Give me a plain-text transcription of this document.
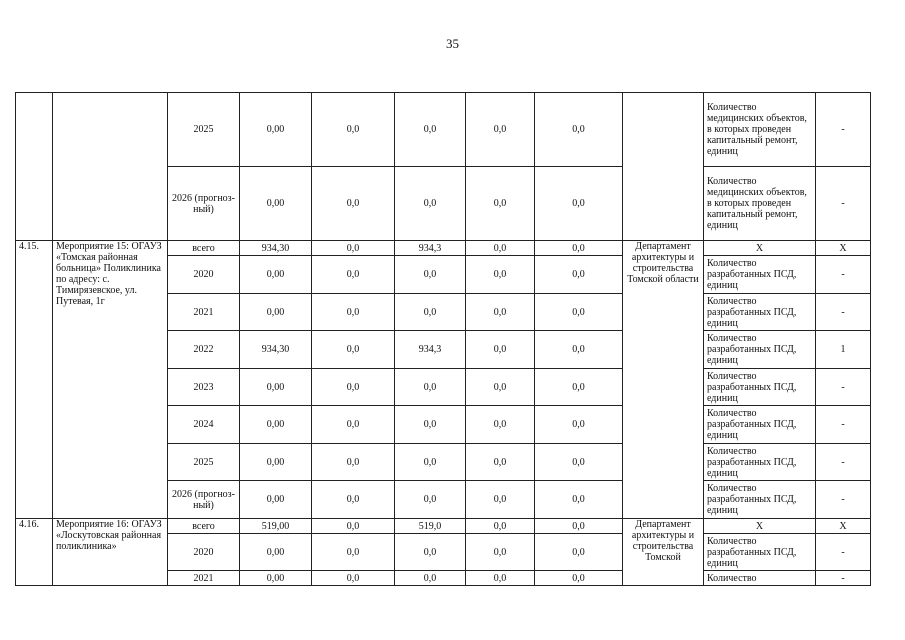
35
		2025	0,00	0,0	0,0	0,0	0,0		Количество медицинских объектов, в которых проведен капитальный ремонт, единиц	-
		2026 (прогноз-ный)	0,00	0,0	0,0	0,0	0,0		Количество медицинских объектов, в которых проведен капитальный ремонт, единиц	-
4.15.	Мероприятие 15: ОГАУЗ «Томская районная больница» Поликлиника по адресу: с. Тимирязевское, ул. Путевая, 1г	всего	934,30	0,0	934,3	0,0	0,0	Департамент архитектуры и строительства Томской области	X	X
		2020	0,00	0,0	0,0	0,0	0,0		Количество разработанных ПСД, единиц	-
		2021	0,00	0,0	0,0	0,0	0,0		Количество разработанных ПСД, единиц	-
		2022	934,30	0,0	934,3	0,0	0,0		Количество разработанных ПСД, единиц	1
		2023	0,00	0,0	0,0	0,0	0,0		Количество разработанных ПСД, единиц	-
		2024	0,00	0,0	0,0	0,0	0,0		Количество разработанных ПСД, единиц	-
		2025	0,00	0,0	0,0	0,0	0,0		Количество разработанных ПСД, единиц	-
		2026 (прогноз-ный)	0,00	0,0	0,0	0,0	0,0		Количество разработанных ПСД, единиц	-
4.16.	Мероприятие 16: ОГАУЗ «Лоскутовская районная поликлиника»	всего	519,00	0,0	519,0	0,0	0,0	Департамент архитектуры и строительства Томской	X	X
		2020	0,00	0,0	0,0	0,0	0,0		Количество разработанных ПСД, единиц	-
		2021	0,00	0,0	0,0	0,0	0,0		Количество	-
